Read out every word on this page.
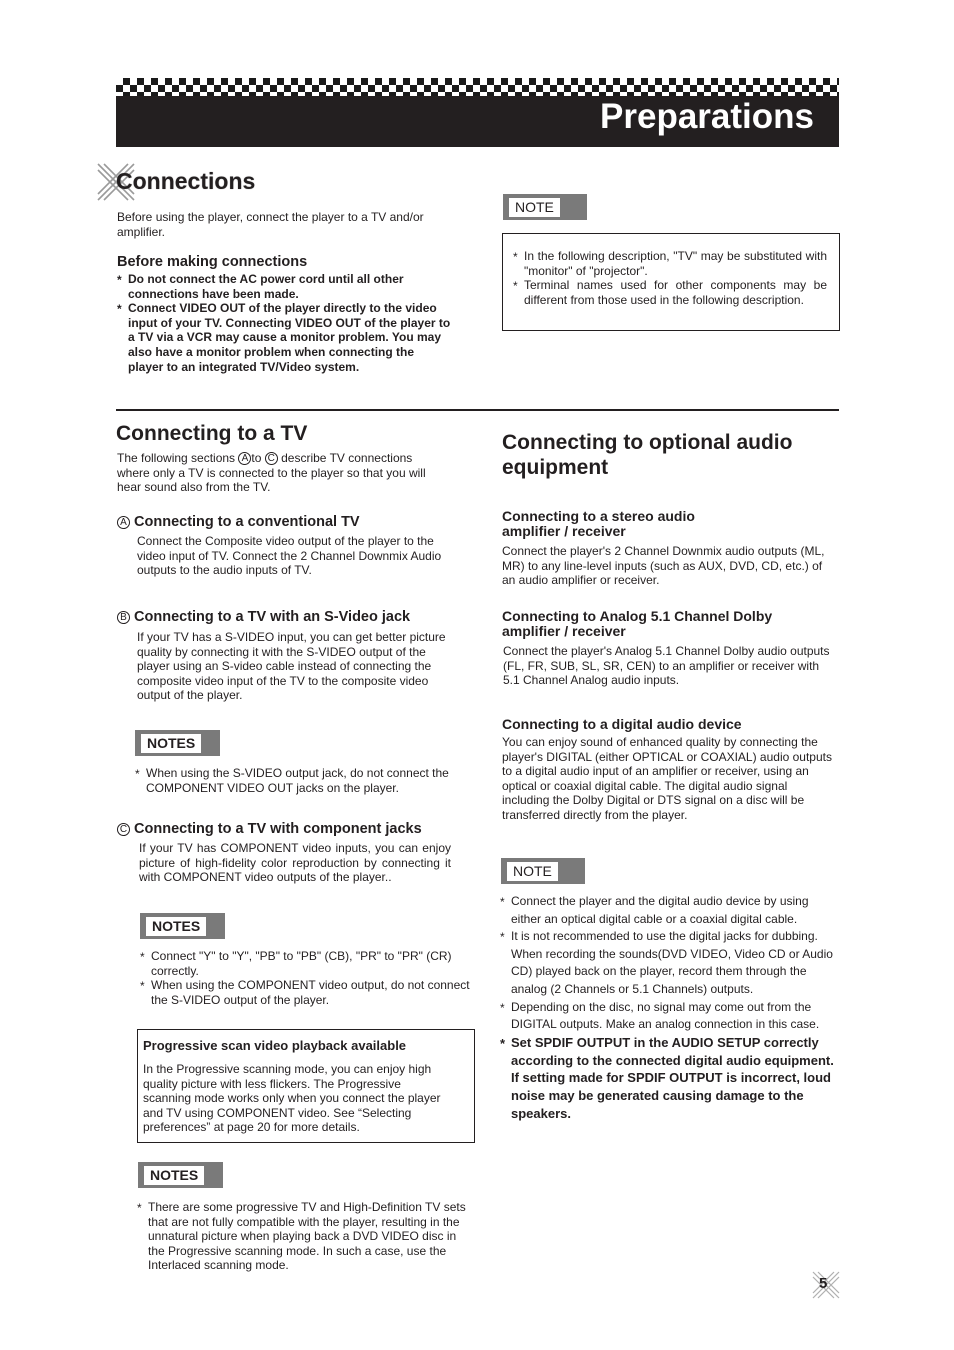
Preparations
Connections
Before using the player, connect the player to a TV and/or amplifier.
Before making connections
* Do not connect the AC power cord until all other connections have been made.
* Connect VIDEO OUT of the player directly to the video input of your TV. Connecting VIDEO OUT of the player to a TV via a VCR may cause a monitor problem. You may also have a monitor problem when connecting the player to an integrated TV/Video system.
NOTE
* In the following description, "TV" may be substituted with "monitor" of "projector".
* Terminal names used for other components may be different from those used in the following description.
Connecting to a TV
The following sections A to C describe TV connections where only a TV is connected to the player so that you will hear sound also from the TV.
A Connecting to a conventional TV
Connect the Composite video output of the player to the video input of TV. Connect the 2 Channel Downmix Audio outputs to the audio inputs of TV.
B Connecting to a TV with an S-Video jack
If your TV has a S-VIDEO input, you can get better picture quality by connecting it with the S-VIDEO output of the player using an S-video cable instead of connecting the composite video input of the TV to the composite video output of the player.
NOTES
* When using the S-VIDEO output jack, do not connect the COMPONENT VIDEO OUT jacks on the player.
C Connecting to a TV with component jacks
If your TV has COMPONENT video inputs, you can enjoy picture of high-fidelity color reproduction by connecting it with COMPONENT video outputs of the player..
NOTES
* Connect "Y" to "Y", "PB" to "PB" (CB), "PR" to "PR" (CR) correctly.
* When using the COMPONENT video output, do not connect the S-VIDEO output of the player.
Progressive scan video playback available
In the Progressive scanning mode, you can enjoy high quality picture with less flickers. The Progressive scanning mode works only when you connect the player and TV using COMPONENT video. See “Selecting preferences” at page 20 for more details.
NOTES
* There are some progressive TV and High-Definition TV sets that are not fully compatible with the player, resulting in the unnatural picture when playing back a DVD VIDEO disc in the Progressive scanning mode. In such a case, use the Interlaced scanning mode.
Connecting to optional audio equipment
Connecting to a stereo audio amplifier / receiver
Connect the player's 2 Channel Downmix audio outputs (ML, MR) to any line-level inputs (such as AUX, DVD, CD, etc.) of an audio amplifier or receiver.
Connecting to Analog 5.1 Channel Dolby amplifier / receiver
Connect the player's Analog 5.1 Channel Dolby audio outputs (FL, FR, SUB, SL, SR, CEN) to an amplifier or receiver with 5.1 Channel Analog audio inputs.
Connecting to a digital audio device
You can enjoy sound of enhanced quality by connecting the player's DIGITAL (either OPTICAL or COAXIAL) audio outputs to a digital audio input of an amplifier or receiver, using an optical or coaxial digital cable. The digital audio signal including the Dolby Digital or DTS signal on a disc will be transferred directly from the player.
NOTE
* Connect the player and the digital audio device by using either an optical digital cable or a coaxial digital cable.
* It is not recommended to use the digital jacks for dubbing. When recording the sounds(DVD VIDEO, Video CD or Audio CD) played back on the player, record them through the analog (2 Channels or 5.1 Channels) outputs.
* Depending on the disc, no signal may come out from the DIGITAL outputs. Make an analog connection in this case.
* Set SPDIF OUTPUT in the AUDIO SETUP correctly according to the connected digital audio equipment. If setting made for SPDIF OUTPUT is incorrect, loud noise may be generated causing damage to the speakers.
5
